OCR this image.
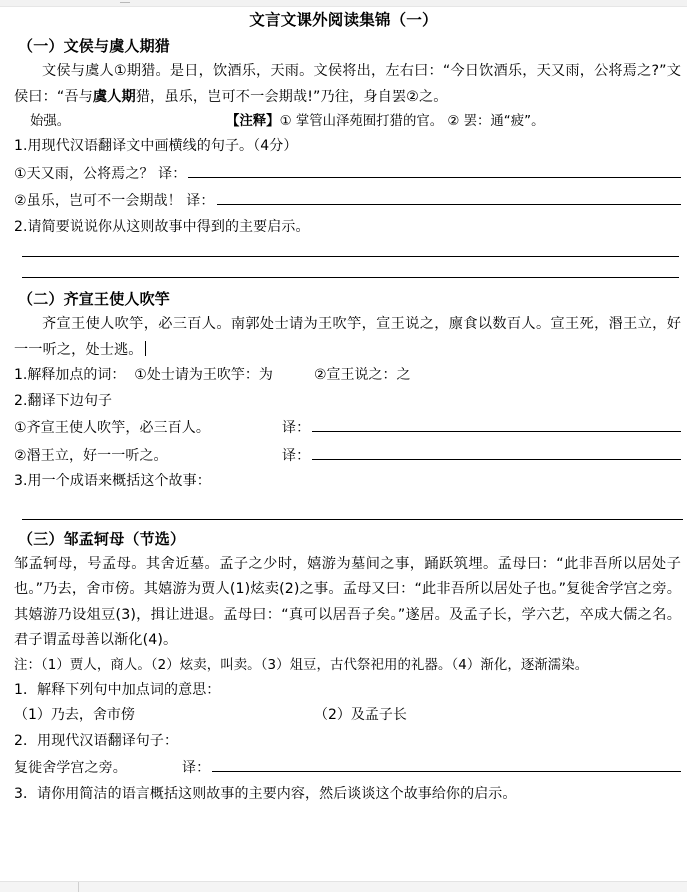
文言文课外阅读集锦（一）
（一）文侯与虞人期猎
文侯与虞人①期猎。是日，饮酒乐，天雨。文侯将出，左右曰：“今日饮酒乐，天又雨，公将焉之?”文侯曰：“吾与虞人期猎，虽乐，岂可不一会期哉!”乃往，身自罢②之。
始强。	【注释】① 掌管山泽苑囿打猎的官。 ② 罢：通“疲”。
1.用现代汉语翻译文中画横线的句子。（4分）
①天又雨，公将焉之？ 译：
②虽乐，岂可不一会期哉！ 译：
2.请简要说说你从这则故事中得到的主要启示。
（二）齐宣王使人吹竽
齐宣王使人吹竽，必三百人。南郭处士请为王吹竽，宣王说之，廪食以数百人。宣王死，湣王立，好一一听之，处士逃。
1.解释加点的词： ①处士请为王吹竽：为	②宣王说之：之
2.翻译下边句子
①齐宣王使人吹竽，必三百人。	译：
②湣王立，好一一听之。	译：
3.用一个成语来概括这个故事：
（三）邹孟轲母（节选）
邹孟轲母，号孟母。其舍近墓。孟子之少时，嬉游为墓间之事，踊跃筑埋。孟母曰：“此非吾所以居处子也。”乃去，舍市傍。其嬉游为贾人(1)炫卖(2)之事。孟母又曰：“此非吾所以居处子也。”复徙舍学宫之旁。其嬉游乃设俎豆(3)，揖让进退。孟母曰：“真可以居吾子矣。”遂居。及孟子长，学六艺，卒成大儒之名。君子谓孟母善以渐化(4)。
注：（1）贾人，商人。（2）炫卖，叫卖。（3）俎豆，古代祭祀用的礼器。（4）渐化，逐渐濡染。
1．解释下列句中加点词的意思：
（1）乃去，舍市傍	（2）及孟子长
2．用现代汉语翻译句子：
复徙舍学宫之旁。	译：
3．请你用简洁的语言概括这则故事的主要内容，然后谈谈这个故事给你的启示。
